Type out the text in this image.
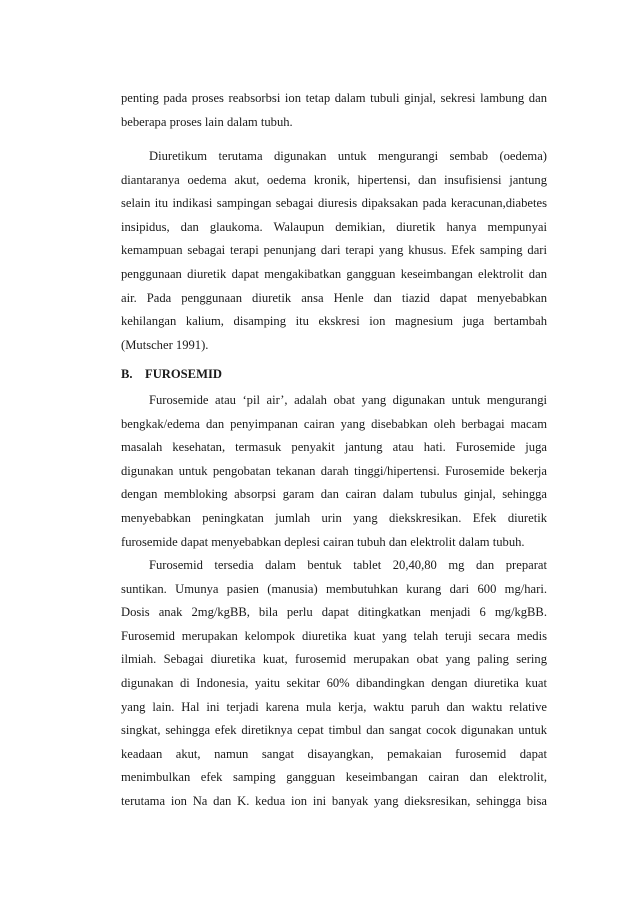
penting pada proses reabsorbsi ion tetap dalam tubuli ginjal, sekresi lambung dan
beberapa proses lain dalam tubuh.
Diuretikum terutama digunakan untuk mengurangi sembab (oedema)
diantaranya oedema akut, oedema kronik, hipertensi, dan insufisiensi jantung
selain itu indikasi sampingan sebagai diuresis dipaksakan pada keracunan,diabetes
insipidus, dan glaukoma. Walaupun demikian, diuretik hanya mempunyai
kemampuan sebagai terapi penunjang dari terapi yang khusus. Efek samping dari
penggunaan diuretik dapat mengakibatkan gangguan keseimbangan elektrolit dan
air. Pada penggunaan diuretik ansa Henle dan tiazid dapat menyebabkan
kehilangan kalium, disamping itu ekskresi ion magnesium juga bertambah
(Mutscher 1991).
B. FUROSEMID
Furosemide atau ‘pil air’, adalah obat yang digunakan untuk mengurangi
bengkak/edema dan penyimpanan cairan yang disebabkan oleh berbagai macam
masalah kesehatan, termasuk penyakit jantung atau hati. Furosemide juga
digunakan untuk pengobatan tekanan darah tinggi/hipertensi. Furosemide bekerja
dengan membloking absorpsi garam dan cairan dalam tubulus ginjal, sehingga
menyebabkan peningkatan jumlah urin yang diekskresikan. Efek diuretik
furosemide dapat menyebabkan deplesi cairan tubuh dan elektrolit dalam tubuh.
Furosemid tersedia dalam bentuk tablet 20,40,80 mg dan preparat
suntikan. Umunya pasien (manusia) membutuhkan kurang dari 600 mg/hari.
Dosis anak 2mg/kgBB, bila perlu dapat ditingkatkan menjadi 6 mg/kgBB.
Furosemid merupakan kelompok diuretika kuat yang telah teruji secara medis
ilmiah. Sebagai diuretika kuat, furosemid merupakan obat yang paling sering
digunakan di Indonesia, yaitu sekitar 60% dibandingkan dengan diuretika kuat
yang lain. Hal ini terjadi karena mula kerja, waktu paruh dan waktu relative
singkat, sehingga efek diretiknya cepat timbul dan sangat cocok digunakan untuk
keadaan akut, namun sangat disayangkan, pemakaian furosemid dapat
menimbulkan efek samping gangguan keseimbangan cairan dan elektrolit,
terutama ion Na dan K. kedua ion ini banyak yang dieksresikan, sehingga bisa
